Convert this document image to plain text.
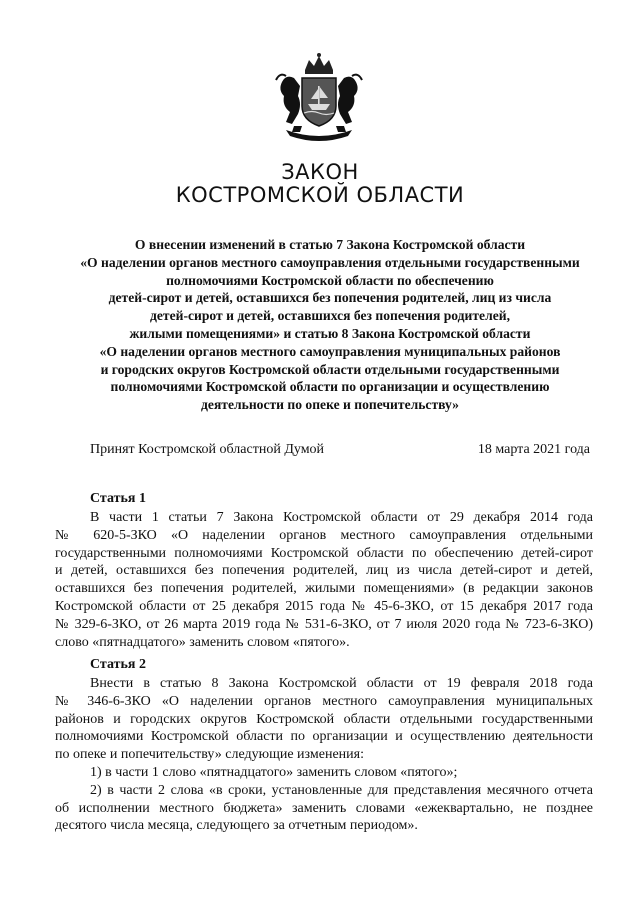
ЗАКОН
КОСТРОМСКОЙ ОБЛАСТИ
О внесении изменений в статью 7 Закона Костромской области
«О наделении органов местного самоуправления отдельными государственными
полномочиями Костромской области по обеспечению
детей-сирот и детей, оставшихся без попечения родителей, лиц из числа
детей-сирот и детей, оставшихся без попечения родителей,
жилыми помещениями» и статью 8 Закона Костромской области
«О наделении органов местного самоуправления муниципальных районов
и городских округов Костромской области отдельными государственными
полномочиями Костромской области по организации и осуществлению
деятельности по опеке и попечительству»
Принят Костромской областной Думой	18 марта 2021 года
Статья 1
В части 1 статьи 7 Закона Костромской области от 29 декабря 2014 года
№ 620-5-ЗКО «О наделении органов местного самоуправления отдельными
государственными полномочиями Костромской области по обеспечению детей-сирот
и детей, оставшихся без попечения родителей, лиц из числа детей-сирот и детей,
оставшихся без попечения родителей, жилыми помещениями» (в редакции законов
Костромской области от 25 декабря 2015 года № 45-6-ЗКО, от 15 декабря 2017 года
№ 329-6-ЗКО, от 26 марта 2019 года № 531-6-ЗКО, от 7 июля 2020 года № 723-6-ЗКО)
слово «пятнадцатого» заменить словом «пятого».
Статья 2
Внести в статью 8 Закона Костромской области от 19 февраля 2018 года
№ 346-6-ЗКО «О наделении органов местного самоуправления муниципальных
районов и городских округов Костромской области отдельными государственными
полномочиями Костромской области по организации и осуществлению деятельности
по опеке и попечительству» следующие изменения:
1) в части 1 слово «пятнадцатого» заменить словом «пятого»;
2) в части 2 слова «в сроки, установленные для представления месячного отчета
об исполнении местного бюджета» заменить словами «ежеквартально, не позднее
десятого числа месяца, следующего за отчетным периодом».
